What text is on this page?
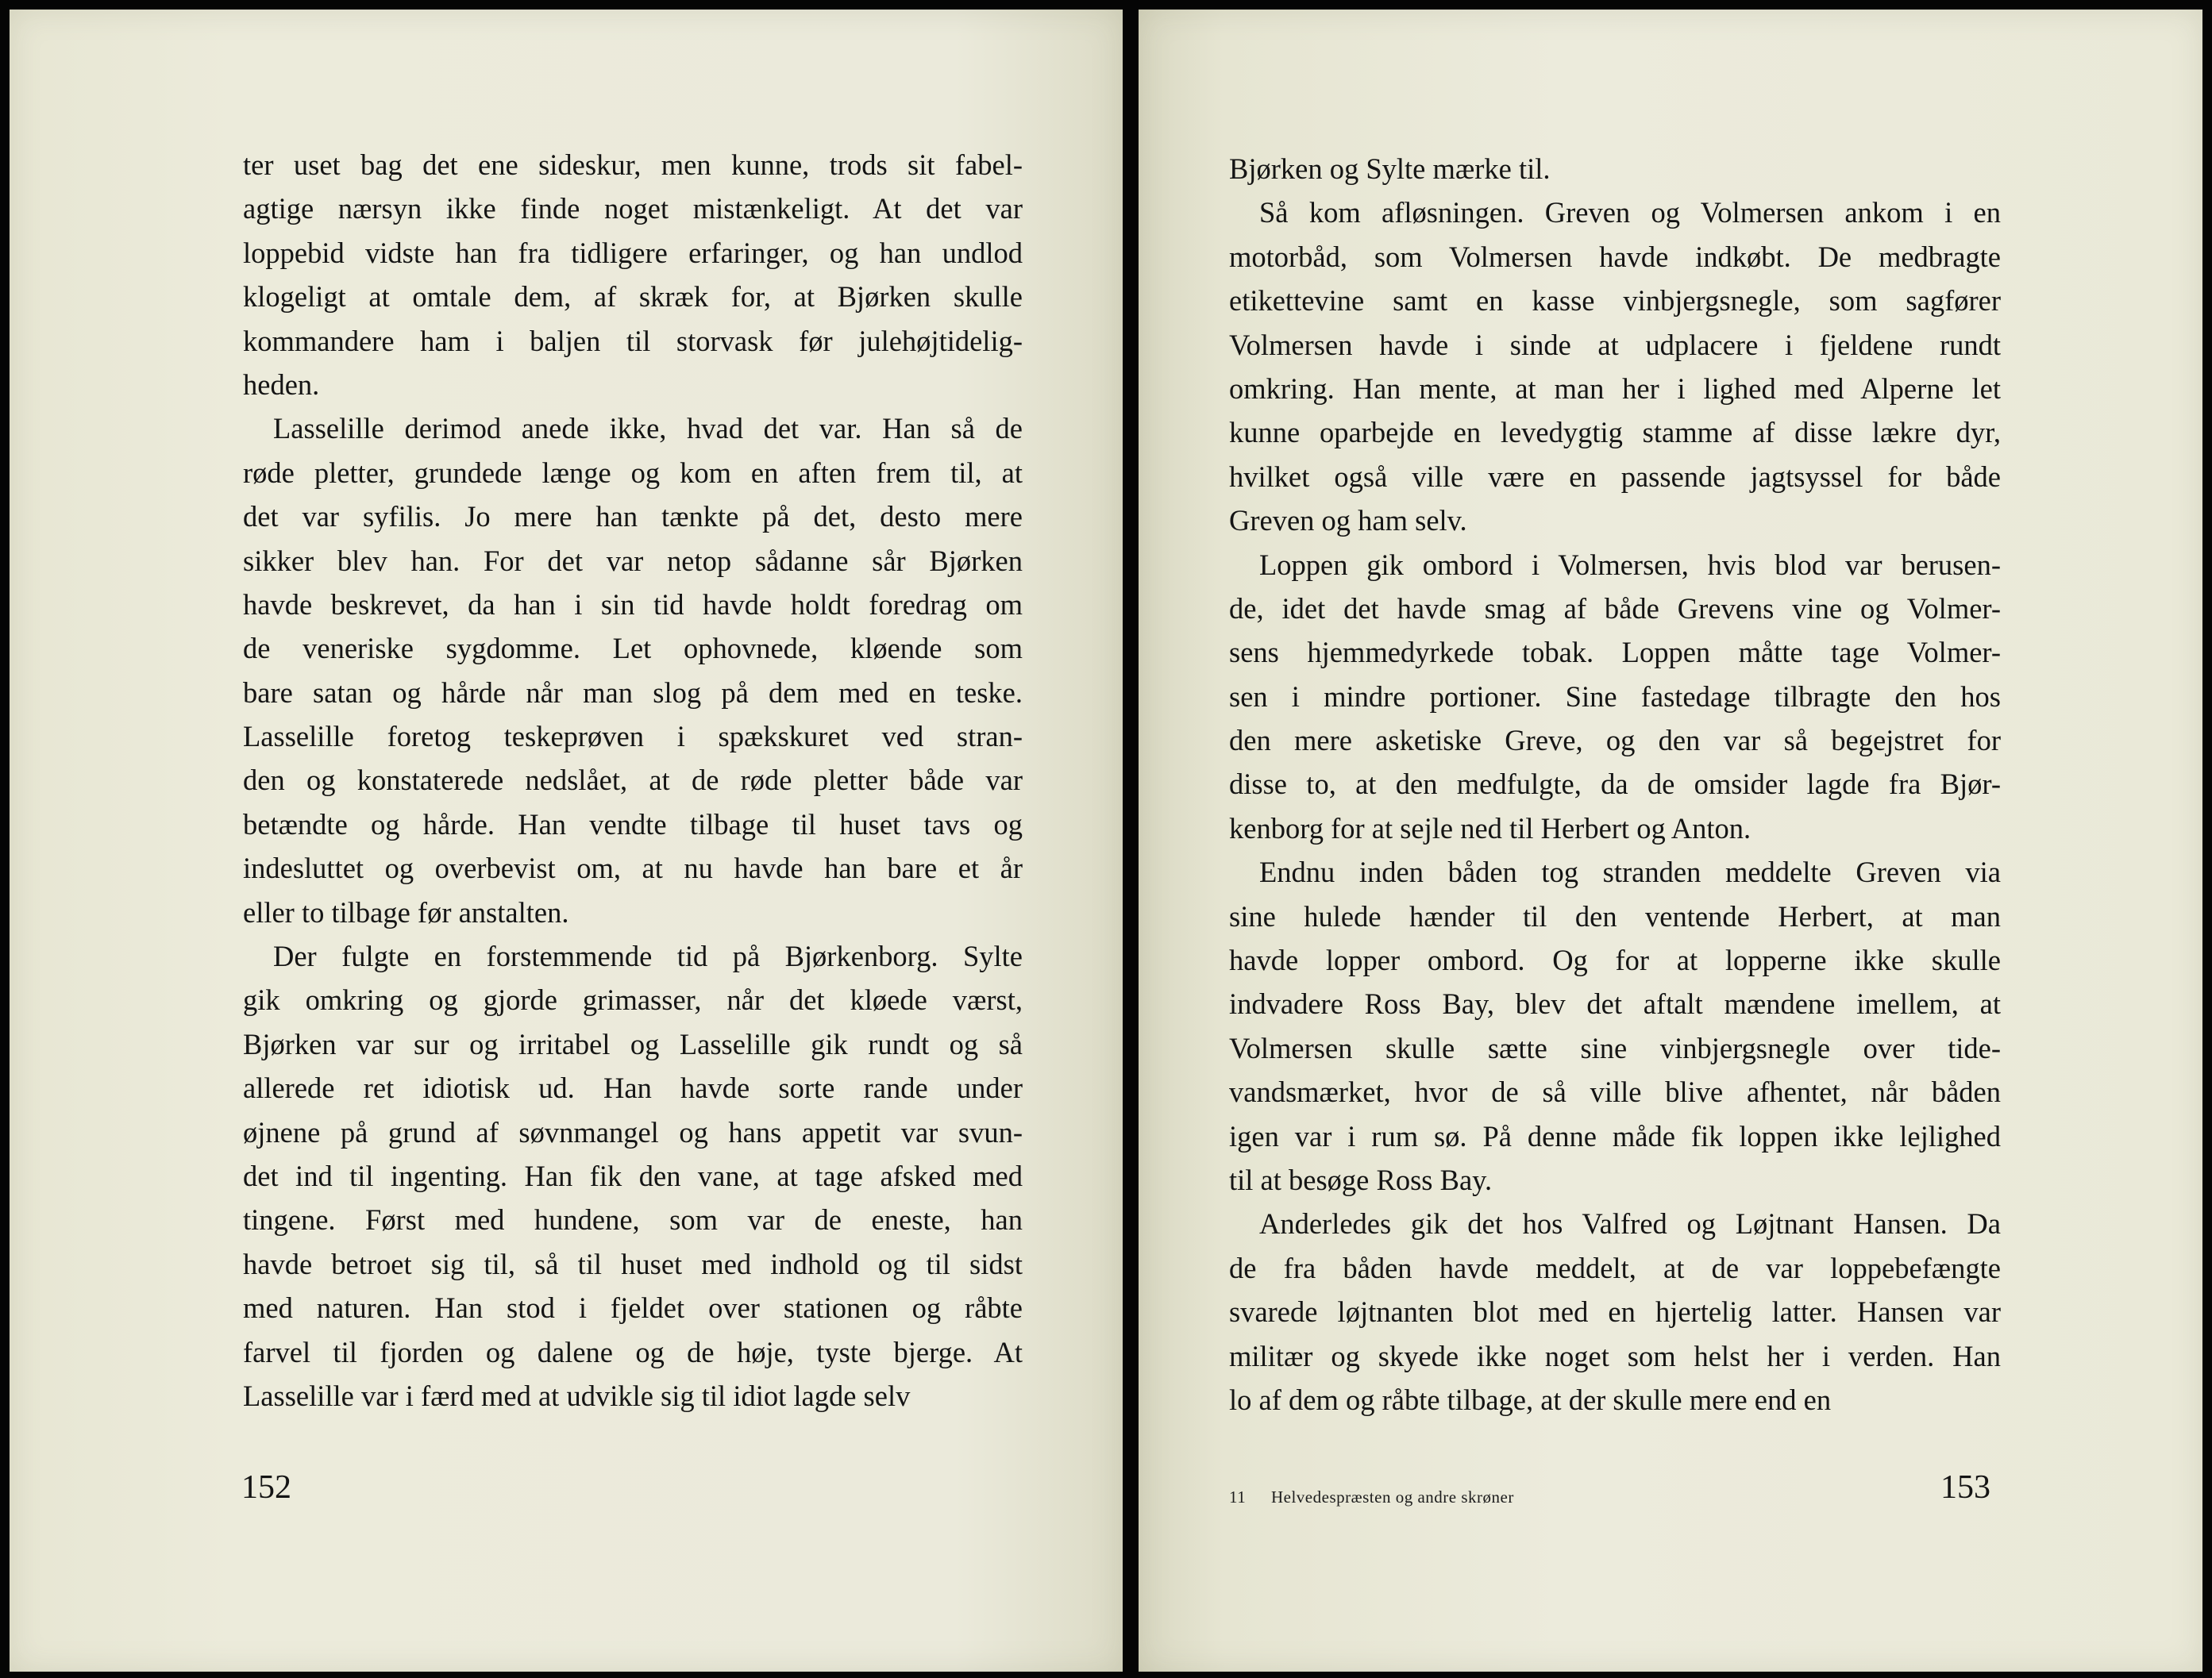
ter uset bag det ene sideskur, men kunne, trods sit fabel-
agtige nærsyn ikke finde noget mistænkeligt. At det var
loppebid vidste han fra tidligere erfaringer, og han undlod
klogeligt at omtale dem, af skræk for, at Bjørken skulle
kommandere ham i baljen til storvask før julehøjtidelig-
heden.
Lasselille derimod anede ikke, hvad det var. Han så de
røde pletter, grundede længe og kom en aften frem til, at
det var syfilis. Jo mere han tænkte på det, desto mere
sikker blev han. For det var netop sådanne sår Bjørken
havde beskrevet, da han i sin tid havde holdt foredrag om
de veneriske sygdomme. Let ophovnede, kløende som
bare satan og hårde når man slog på dem med en teske.
Lasselille foretog teskeprøven i spækskuret ved stran-
den og konstaterede nedslået, at de røde pletter både var
betændte og hårde. Han vendte tilbage til huset tavs og
indesluttet og overbevist om, at nu havde han bare et år
eller to tilbage før anstalten.
Der fulgte en forstemmende tid på Bjørkenborg. Sylte
gik omkring og gjorde grimasser, når det kløede værst,
Bjørken var sur og irritabel og Lasselille gik rundt og så
allerede ret idiotisk ud. Han havde sorte rande under
øjnene på grund af søvnmangel og hans appetit var svun-
det ind til ingenting. Han fik den vane, at tage afsked med
tingene. Først med hundene, som var de eneste, han
havde betroet sig til, så til huset med indhold og til sidst
med naturen. Han stod i fjeldet over stationen og råbte
farvel til fjorden og dalene og de høje, tyste bjerge. At
Lasselille var i færd med at udvikle sig til idiot lagde selv
152
Bjørken og Sylte mærke til.
Så kom afløsningen. Greven og Volmersen ankom i en
motorbåd, som Volmersen havde indkøbt. De medbragte
etikettevine samt en kasse vinbjergsnegle, som sagfører
Volmersen havde i sinde at udplacere i fjeldene rundt
omkring. Han mente, at man her i lighed med Alperne let
kunne oparbejde en levedygtig stamme af disse lækre dyr,
hvilket også ville være en passende jagtsyssel for både
Greven og ham selv.
Loppen gik ombord i Volmersen, hvis blod var berusen-
de, idet det havde smag af både Grevens vine og Volmer-
sens hjemmedyrkede tobak. Loppen måtte tage Volmer-
sen i mindre portioner. Sine fastedage tilbragte den hos
den mere asketiske Greve, og den var så begejstret for
disse to, at den medfulgte, da de omsider lagde fra Bjør-
kenborg for at sejle ned til Herbert og Anton.
Endnu inden båden tog stranden meddelte Greven via
sine hulede hænder til den ventende Herbert, at man
havde lopper ombord. Og for at lopperne ikke skulle
indvadere Ross Bay, blev det aftalt mændene imellem, at
Volmersen skulle sætte sine vinbjergsnegle over tide-
vandsmærket, hvor de så ville blive afhentet, når båden
igen var i rum sø. På denne måde fik loppen ikke lejlighed
til at besøge Ross Bay.
Anderledes gik det hos Valfred og Løjtnant Hansen. Da
de fra båden havde meddelt, at de var loppebefængte
svarede løjtnanten blot med en hjertelig latter. Hansen var
militær og skyede ikke noget som helst her i verden. Han
lo af dem og råbte tilbage, at der skulle mere end en
11 Helvedespræsten og andre skrøner	153
